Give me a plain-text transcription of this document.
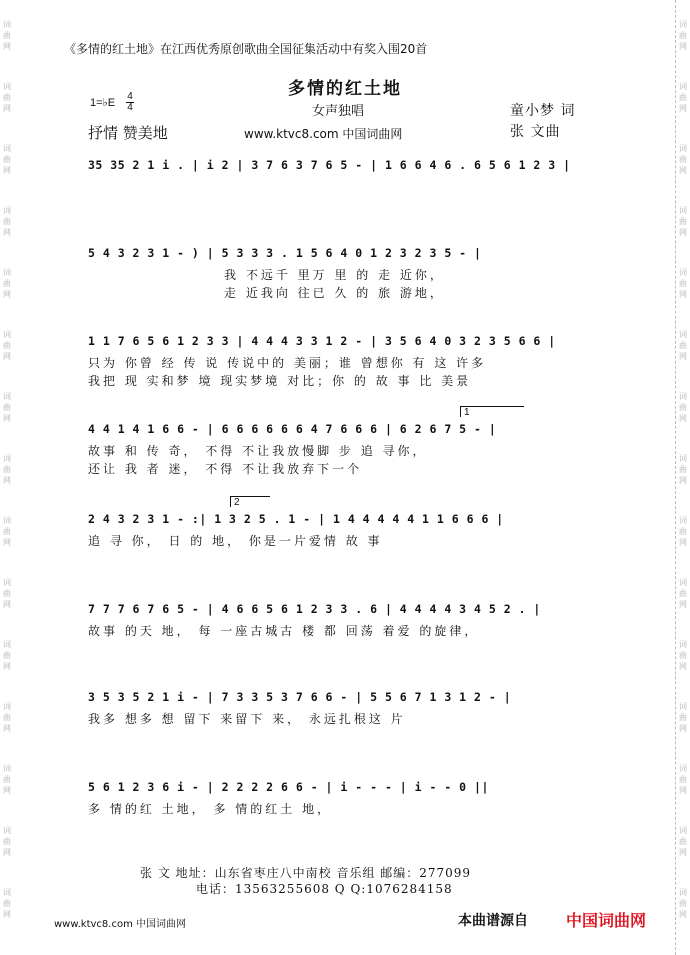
词
曲
网
词
曲
网
词
曲
网
词
曲
网
词
曲
网
词
曲
网
词
曲
网
词
曲
网
词
曲
网
词
曲
网
词
曲
网
词
曲
网
词
曲
网
词
曲
网
词
曲
网
词
曲
网
词
曲
网
词
曲
网
词
曲
网
词
曲
网
词
曲
网
词
曲
网
词
曲
网
词
曲
网
词
曲
网
词
曲
网
词
曲
网
词
曲
网
词
曲
网
词
曲
网
《多情的红土地》在江西优秀原创歌曲全国征集活动中有奖入围20首
多情的红土地
1=♭E
4
4	女声独唱	童小梦 词
抒情 赞美地	www.ktvc8.com 中国词曲网	张 文曲
35 35 2 1 i . | i 2 | 3 7 6 3 7 6 5 - | 1 6 6 4 6 . 6 5 6 1 2 3 |
5 4 3 2 3 1 - ) | 5 3 3 3 . 1 5 6 4 0 1 2 3 2 3 5 - |
我 不远千 里万 里 的 走 近你，
走 近我向 往已 久 的 旅 游地，
1 1 7 6 5 6 1 2 3 3 | 4 4 4 3 3 1 2 - | 3 5 6 4 0 3 2 3 5 6 6 |
只为 你曾 经 传 说 传说中的 美丽；谁 曾想你 有 这 许多
我把 现 实和梦 境 现实梦境 对比；你 的 故 事 比 美景
1
4 4 1 4 1 6 6 - | 6 6 6 6 6 6 4 7 6 6 6 | 6 2 6 7 5 - |
故事 和 传 奇， 不得 不让我放慢脚 步 追 寻你，
还让 我 者 迷， 不得 不让我放弃下一个
2
2 4 3 2 3 1 - :| 1 3 2 5 . 1 - | 1 4 4 4 4 4 1 1 6 6 6 |
追 寻 你， 日 的 地， 你是一片爱情 故 事
7 7 7 6 7 6 5 - | 4 6 6 5 6 1 2 3 3 . 6 | 4 4 4 4 3 4 5 2 . |
故事 的天 地， 每 一座古城古 楼 都 回荡 着爱 的旋律，
3 5 3 5 2 1 i - | 7 3 3 5 3 7 6 6 - | 5 5 6 7 1 3 1 2 - |
我多 想多 想 留下 来留下 来， 永远扎根这 片
5 6 1 2 3 6 i - | 2 2 2 2 6 6 - | i - - - | i - - 0 ||
多 情的红 土地， 多 情的红土 地，
张 文 地址：山东省枣庄八中南校 音乐组 邮编：277099
电话：13563255608 Q Q:1076284158
www.ktvc8.com 中国词曲网	本曲谱源自 中国词曲网
